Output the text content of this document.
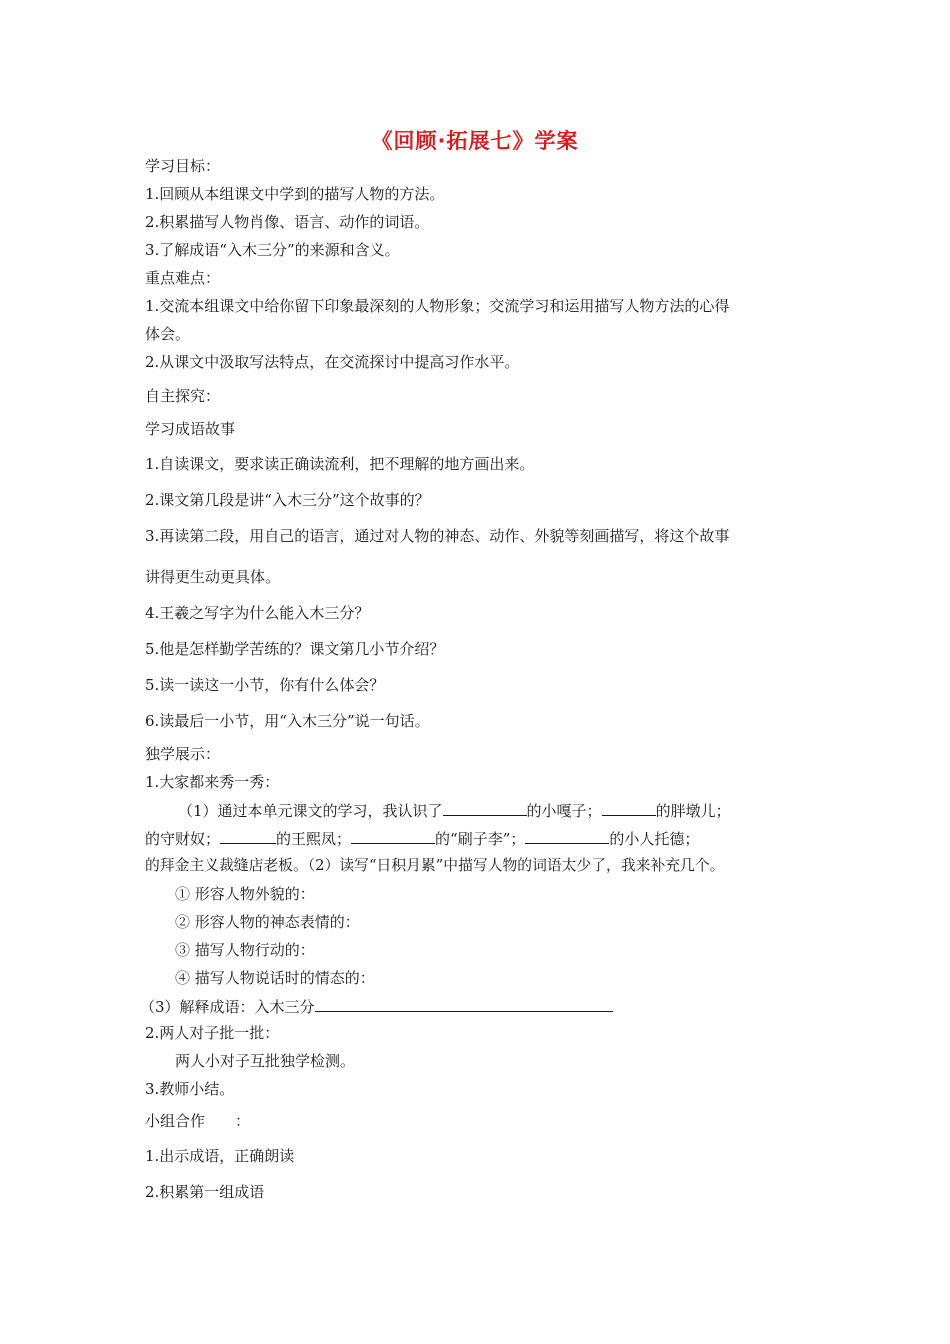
《回顾·拓展七》学案
学习目标：
1.回顾从本组课文中学到的描写人物的方法。
2.积累描写人物肖像、语言、动作的词语。
3.了解成语“入木三分”的来源和含义。
重点难点：
1.交流本组课文中给你留下印象最深刻的人物形象；交流学习和运用描写人物方法的心得
体会。
2.从课文中汲取写法特点，在交流探讨中提高习作水平。
自主探究：
学习成语故事
1.自读课文，要求读正确读流利，把不理解的地方画出来。
2.课文第几段是讲“入木三分”这个故事的？
3.再读第二段，用自己的语言，通过对人物的神态、动作、外貌等刻画描写，将这个故事
讲得更生动更具体。
4.王羲之写字为什么能入木三分？
5.他是怎样勤学苦练的？课文第几小节介绍？
5.读一读这一小节，你有什么体会？
6.读最后一小节，用“入木三分”说一句话。
独学展示：
1.大家都来秀一秀：
（1）通过本单元课文的学习，我认识了	的小嘎子；	的胖墩儿；
的守财奴；	的王熙凤；	的“刷子李”；	的小人托德；
的拜金主义裁缝店老板。（2）读写“日积月累”中描写人物的词语太少了，我来补充几个。
① 形容人物外貌的：
② 形容人物的神态表情的：
③ 描写人物行动的：
④ 描写人物说话时的情态的：
（3）解释成语：入木三分
2.两人对子批一批：
两人小对子互批独学检测。
3.教师小结。
小组合作　　：
1.出示成语，正确朗读
2.积累第一组成语
